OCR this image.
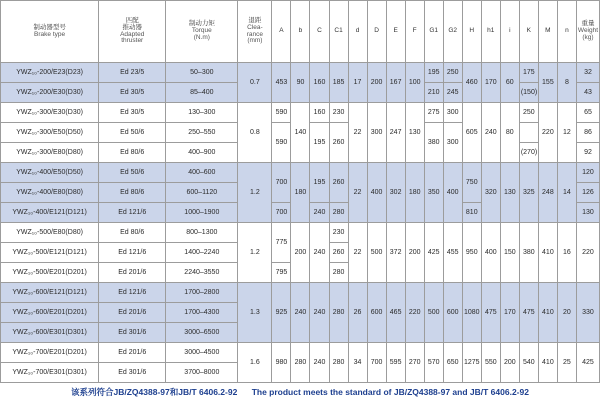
制动器型号
Brake type	匹配
推动器
Adapted
thruster	制动力矩
Torque
(N.m)	退距
Clea-
rance
(mm)	A	b	C	C1	d	D	E	F	G1	G2	H	h1	i	K	M	n	重量
Weight
(kg)

YWZ₁₀-200/E23(D23)	Ed 23/5	50–300	0.7	453	90	160	185	17	200	167	100	195	250	460	170	60	175	155	8	32
YWZ₁₀-200/E30(D30)	Ed 30/5	85–400										210	245				(150)			43
YWZ₁₀-300/E30(D30)	Ed 30/5	130–300	0.8	590	140	160	230	22	300	247	130	275	300	605	240	80	250	220	12	65
YWZ₁₀-300/E50(D50)	Ed 50/6	250–550		590		195	260					380	300							86
YWZ₁₀-300/E80(D80)	Ed 80/6	400–900															(270)			92
YWZ₁₀-400/E50(D50)	Ed 50/6	400–600	1.2	700	180	195	260	22	400	302	180	350	400	750	320	130	325	248	14	120
YWZ₁₀-400/E80(D80)	Ed 80/6	600–1120																		126
YWZ₁₀-400/E121(D121)	Ed 121/6	1000–1900		700		240	280							810						130
YWZ₁₀-500/E80(D80)	Ed 80/6	800–1300	1.2	775	200	240	230	22	500	372	200	425	455	950	400	150	380	410	16	220
YWZ₁₀-500/E121(D121)	Ed 121/6	1400–2240					260													
YWZ₁₀-500/E201(D201)	Ed 201/6	2240–3550		795			280													
YWZ₁₀-600/E121(D121)	Ed 121/6	1700–2800	1.3	925	240	240	280	26	600	465	220	500	600	1080	475	170	475	410	20	330
YWZ₁₀-600/E201(D201)	Ed 201/6	1700–4300																		
YWZ₁₀-600/E301(D301)	Ed 301/6	3000–6500																		
YWZ₁₀-700/E201(D201)	Ed 201/6	3000–4500	1.6	980	280	240	280	34	700	595	270	570	650	1275	550	200	540	410	25	425
YWZ₁₀-700/E301(D301)	Ed 301/6	3700–8000																		
该系列符合JB/ZQ4388-97和JB/T 6406.2-92 The product meets the standard of JB/ZQ4388-97 and JB/T 6406.2-92
